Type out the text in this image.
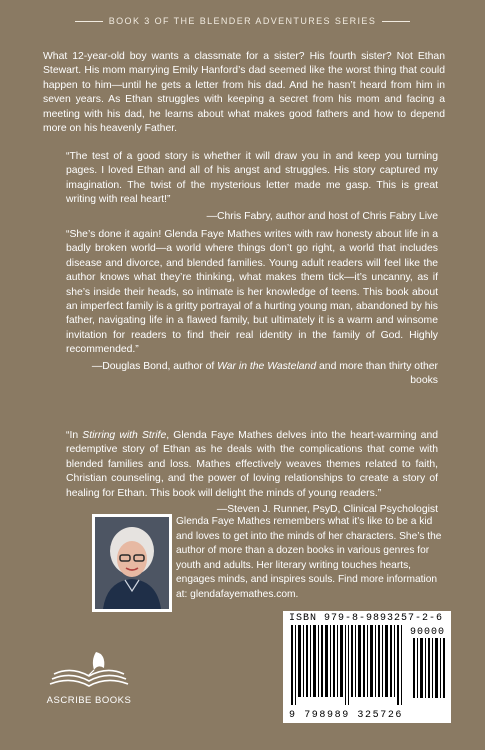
BOOK 3 OF THE BLENDER ADVENTURES SERIES
What 12-year-old boy wants a classmate for a sister? His fourth sister? Not Ethan Stewart. His mom marrying Emily Hanford’s dad seemed like the worst thing that could happen to him—until he gets a letter from his dad. And he hasn’t heard from him in seven years. As Ethan struggles with keeping a secret from his mom and facing a meeting with his dad, he learns about what makes good fathers and how to depend more on his heavenly Father.
“The test of a good story is whether it will draw you in and keep you turning pages. I loved Ethan and all of his angst and struggles. His story captured my imagination. The twist of the mysterious letter made me gasp. This is great writing with real heart!”
—Chris Fabry, author and host of Chris Fabry Live
“She’s done it again! Glenda Faye Mathes writes with raw honesty about life in a badly broken world—a world where things don’t go right, a world that includes disease and divorce, and blended families. Young adult readers will feel like the author knows what they’re thinking, what makes them tick—it’s uncanny, as if she’s inside their heads, so intimate is her knowledge of teens. This book about an imperfect family is a gritty portrayal of a hurting young man, abandoned by his father, navigating life in a flawed family, but ultimately it is a warm and winsome invitation for readers to find their real identity in the family of God. Highly recommended.”
—Douglas Bond, author of War in the Wasteland and more than thirty other books
“In Stirring with Strife, Glenda Faye Mathes delves into the heart-warming and redemptive story of Ethan as he deals with the complications that come with blended families and loss. Mathes effectively weaves themes related to faith, Christian counseling, and the power of loving relationships to create a story of healing for Ethan. This book will delight the minds of young readers.”
—Steven J. Runner, PsyD, Clinical Psychologist
Glenda Faye Mathes remembers what it’s like to be a kid and loves to get into the minds of her characters. She’s the author of more than a dozen books in various genres for youth and adults. Her literary writing touches hearts, engages minds, and inspires souls. Find more information at: glendafayemathes.com.
ISBN 979-8-9893257-2-6
90000
9 798989 325726
ASCRIBE BOOKS
